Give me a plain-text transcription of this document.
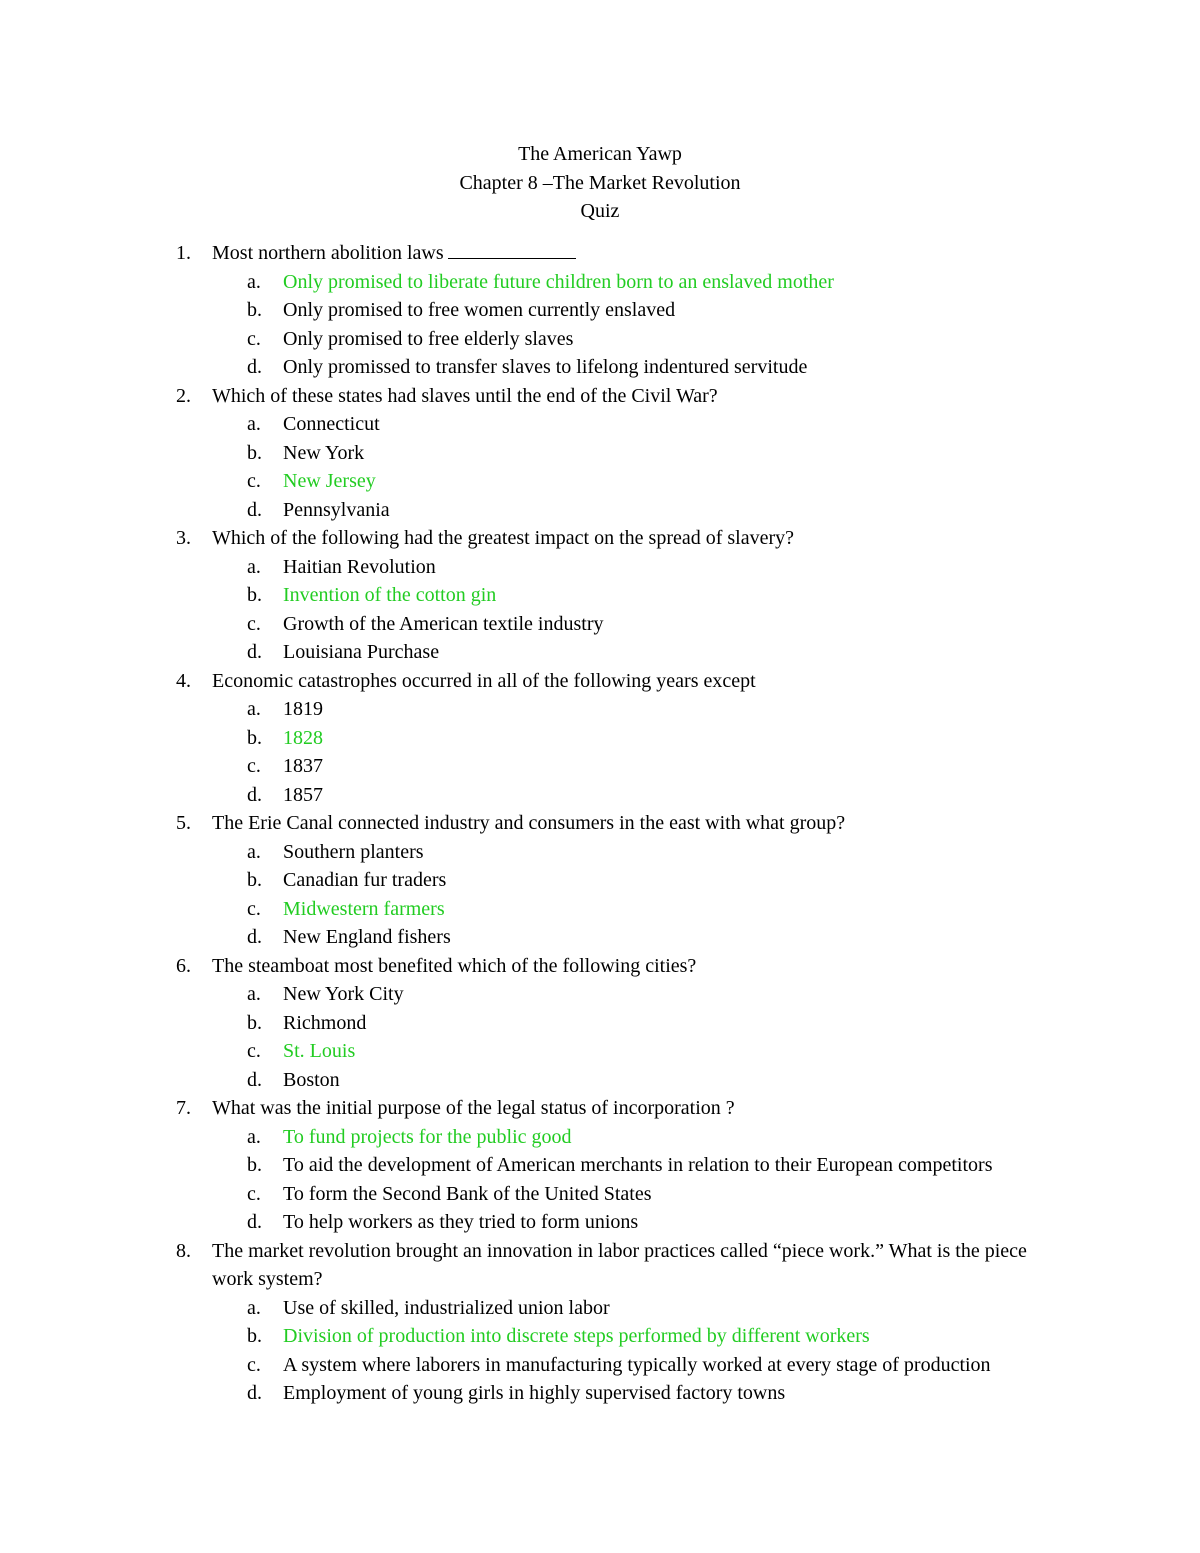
The American Yawp
Chapter 8 –The Market Revolution
Quiz
1. Most northern abolition laws
a. Only promised to liberate future children born to an enslaved mother
b. Only promised to free women currently enslaved
c. Only promised to free elderly slaves
d. Only promissed to transfer slaves to lifelong indentured servitude
2. Which of these states had slaves until the end of the Civil War?
a. Connecticut
b. New York
c. New Jersey
d. Pennsylvania
3. Which of the following had the greatest impact on the spread of slavery?
a. Haitian Revolution
b. Invention of the cotton gin
c. Growth of the American textile industry
d. Louisiana Purchase
4. Economic catastrophes occurred in all of the following years except
a. 1819
b. 1828
c. 1837
d. 1857
5. The Erie Canal connected industry and consumers in the east with what group?
a. Southern planters
b. Canadian fur traders
c. Midwestern farmers
d. New England fishers
6. The steamboat most benefited which of the following cities?
a. New York City
b. Richmond
c. St. Louis
d. Boston
7. What was the initial purpose of the legal status of incorporation ?
a. To fund projects for the public good
b. To aid the development of American merchants in relation to their European competitors
c. To form the Second Bank of the United States
d. To help workers as they tried to form unions
8. The market revolution brought an innovation in labor practices called “piece work.” What is the piece work system?
a. Use of skilled, industrialized union labor
b. Division of production into discrete steps performed by different workers
c. A system where laborers in manufacturing typically worked at every stage of production
d. Employment of young girls in highly supervised factory towns
